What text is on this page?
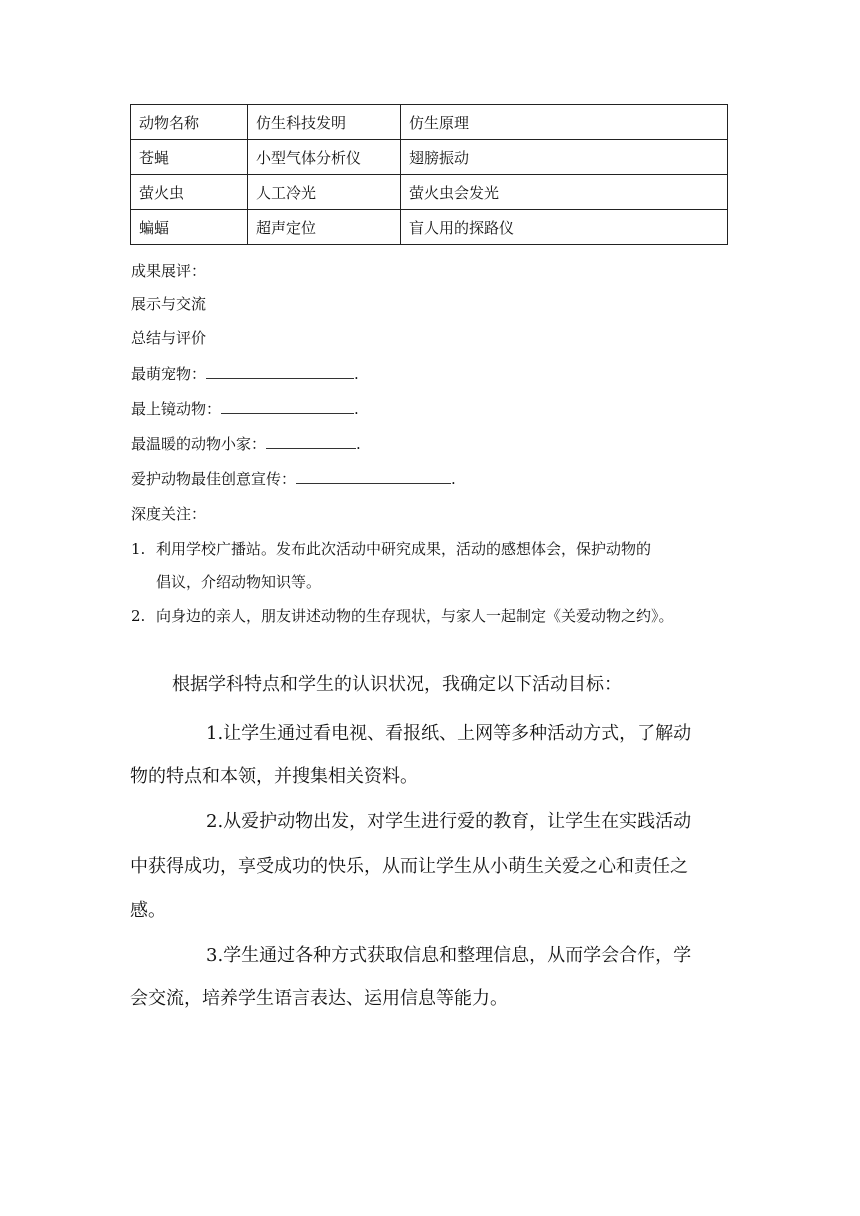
动物名称	仿生科技发明	仿生原理
苍蝇	小型气体分析仪	翅膀振动
萤火虫	人工冷光	萤火虫会发光
蝙蝠	超声定位	盲人用的探路仪
成果展评：
展示与交流
总结与评价
最萌宠物：	.
最上镜动物：	.
最温暖的动物小家：	.
爱护动物最佳创意宣传：	.
深度关注：
1. 利用学校广播站。发布此次活动中研究成果，活动的感想体会，保护动物的
倡议，介绍动物知识等。
2. 向身边的亲人，朋友讲述动物的生存现状，与家人一起制定《关爱动物之约》。
根据学科特点和学生的认识状况，我确定以下活动目标：
1.让学生通过看电视、看报纸、上网等多种活动方式，了解动
物的特点和本领，并搜集相关资料。
2.从爱护动物出发，对学生进行爱的教育，让学生在实践活动
中获得成功，享受成功的快乐，从而让学生从小萌生关爱之心和责任之
感。
3.学生通过各种方式获取信息和整理信息，从而学会合作，学
会交流，培养学生语言表达、运用信息等能力。
